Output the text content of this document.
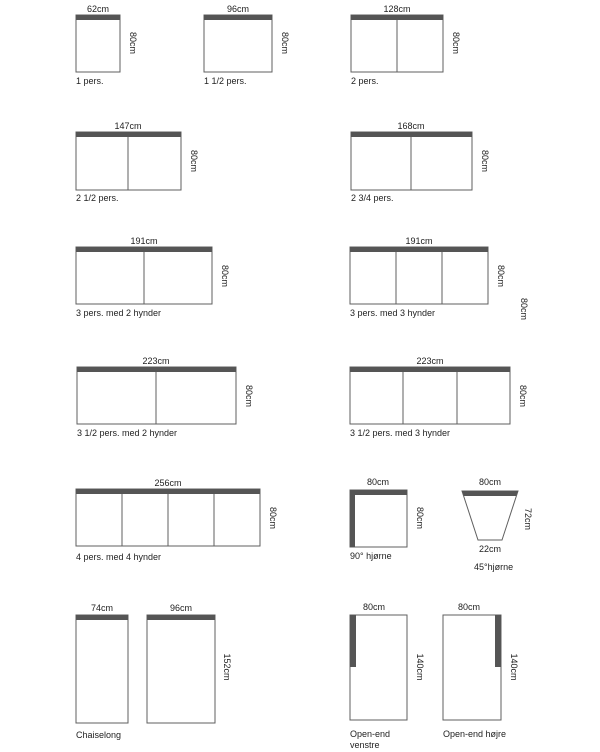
62cm
80cm
1 pers.
96cm
80cm
1 1/2 pers.
128cm
80cm
2 pers.
147cm
80cm
2 1/2 pers.
168cm
80cm
2 3/4 pers.
191cm
80cm
3 pers. med 2 hynder
191cm
80cm
3 pers. med 3 hynder	80cm
223cm
80cm
3 1/2 pers. med 2 hynder
223cm
80cm
3 1/2 pers. med 3 hynder
256cm
80cm
4 pers. med 4 hynder
80cm
80cm
90° hjørne
80cm
22cm
72cm
45°hjørne
74cm	96cm
152cm
Chaiselong
80cm
140cm
Open-end
venstre
80cm
140cm
Open-end højre
